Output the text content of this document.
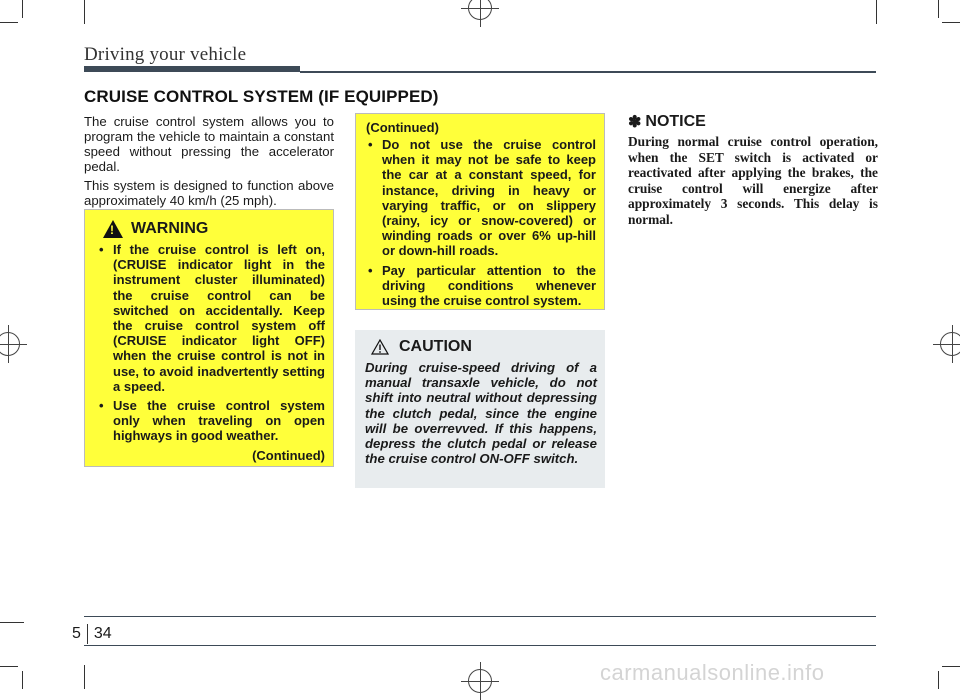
Driving your vehicle
CRUISE CONTROL SYSTEM (IF EQUIPPED)

The cruise control system allows you to program the vehicle to maintain a constant speed without pressing the accelerator pedal.

This system is designed to function above approximately 40 km/h (25 mph).

!
WARNING
• If the cruise control is left on, (CRUISE indicator light in the instrument cluster illuminated) the cruise control can be switched on accidentally. Keep the cruise control system off (CRUISE indicator light OFF) when the cruise control is not in use, to avoid inadvertently setting a speed.
• Use the cruise control system only when traveling on open highways in good weather.
(Continued)
(Continued)
• Do not use the cruise control when it may not be safe to keep the car at a constant speed, for instance, driving in heavy or varying traffic, or on slippery (rainy, icy or snow-covered) or winding roads or over 6% up-hill or down-hill roads.
• Pay particular attention to the driving conditions whenever using the cruise control system.
CAUTION
During cruise-speed driving of a manual transaxle vehicle, do not shift into neutral without depressing the clutch pedal, since the engine will be overrevved. If this happens, depress the clutch pedal or release the cruise control ON-OFF switch.
✽ NOTICE
During normal cruise control operation, when the SET switch is activated or reactivated after applying the brakes, the cruise control will energize after approximately 3 seconds. This delay is normal.
5 34
carmanualsonline.info
